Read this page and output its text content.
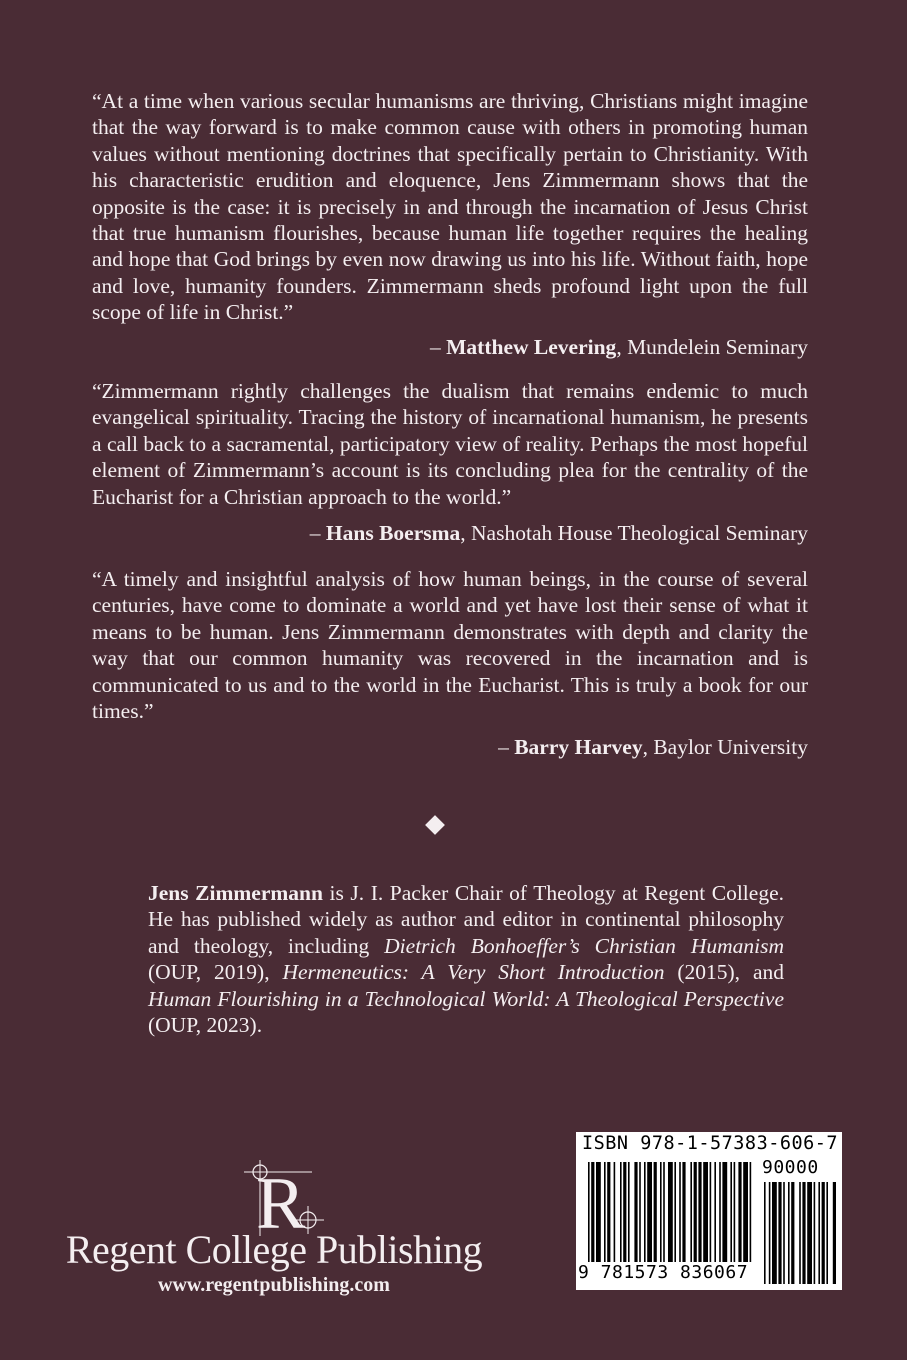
“At a time when various secular humanisms are thriving, Christians might imagine that the way forward is to make common cause with others in promoting human values without mentioning doctrines that specifically pertain to Christianity. With his characteristic erudition and eloquence, Jens Zimmermann shows that the opposite is the case: it is precisely in and through the incarnation of Jesus Christ that true humanism flourishes, because human life together requires the healing and hope that God brings by even now drawing us into his life. Without faith, hope and love, humanity founders. Zimmermann sheds profound light upon the full scope of life in Christ.”

– Matthew Levering, Mundelein Seminary

“Zimmermann rightly challenges the dualism that remains endemic to much evangelical spirituality. Tracing the history of incarnational humanism, he presents a call back to a sacramental, participatory view of reality. Perhaps the most hopeful element of Zimmermann’s account is its concluding plea for the centrality of the Eucharist for a Christian approach to the world.”

– Hans Boersma, Nashotah House Theological Seminary

“A timely and insightful analysis of how human beings, in the course of several centuries, have come to dominate a world and yet have lost their sense of what it means to be human. Jens Zimmermann demonstrates with depth and clarity the way that our common humanity was recovered in the incarnation and is communicated to us and to the world in the Eucharist. This is truly a book for our times.”

– Barry Harvey, Baylor University

Jens Zimmermann is J. I. Packer Chair of Theology at Regent College. He has published widely as author and editor in continental philosophy and theology, including Dietrich Bonhoeffer’s Christian Humanism (OUP, 2019), Hermeneutics: A Very Short Introduction (2015), and Human Flourishing in a Technological World: A Theological Perspective (OUP, 2023).

R
Regent College Publishing
www.regentpublishing.com
ISBN 978-1-57383-606-7
90000
9 781573 836067
